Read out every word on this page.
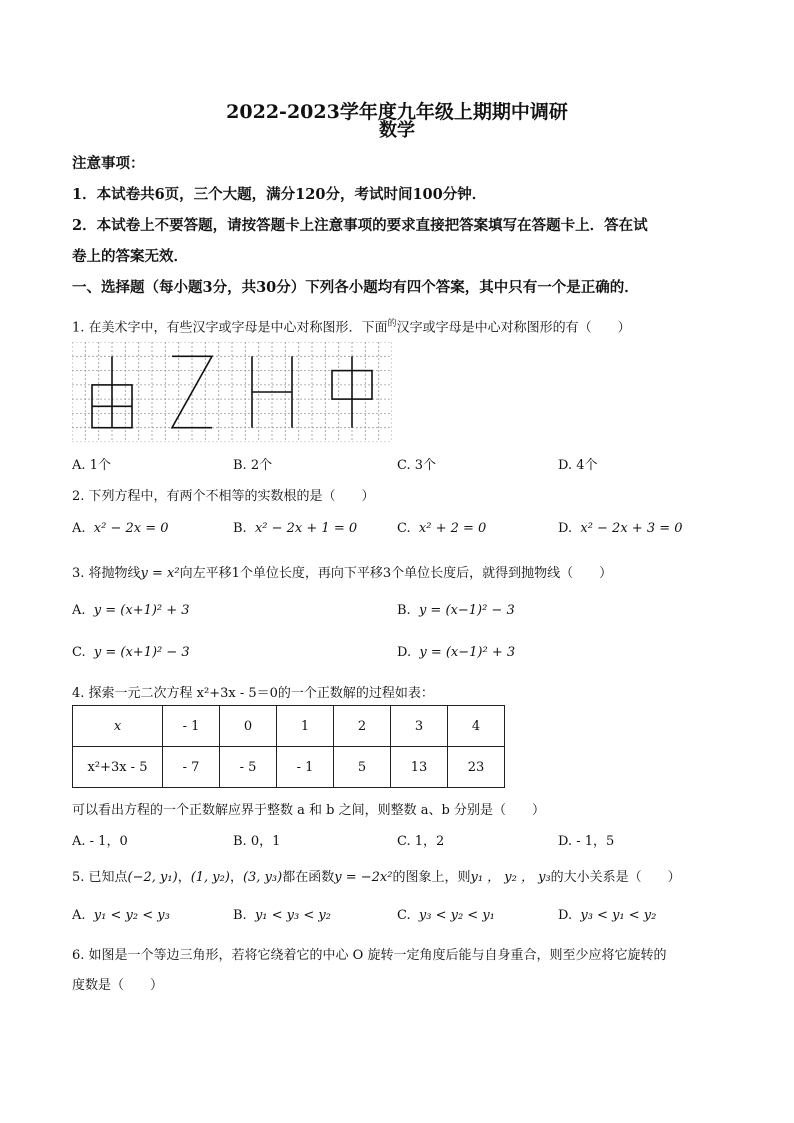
2022-2023学年度九年级上期期中调研
数学
注意事项：
1．本试卷共6页，三个大题，满分120分，考试时间100分钟．
2．本试卷上不要答题，请按答题卡上注意事项的要求直接把答案填写在答题卡上．答在试
卷上的答案无效．
一、选择题（每小题3分，共30分）下列各小题均有四个答案，其中只有一个是正确的．
1. 在美术字中，有些汉字或字母是中心对称图形．下面$^的$汉字或字母是中心对称图形的有（　　）
A. 1个	B. 2个	C. 3个	D. 4个
2. 下列方程中，有两个不相等的实数根的是（　　）
A. x² − 2x = 0	B. x² − 2x + 1 = 0	C. x² + 2 = 0	D. x² − 2x + 3 = 0
3. 将抛物线y = x²向左平移1个单位长度，再向下平移3个单位长度后，就得到抛物线（　　）
A. y = (x+1)² + 3	B. y = (x−1)² − 3
C. y = (x+1)² − 3	D. y = (x−1)² + 3
4. 探索一元二次方程 x²+3x - 5＝0的一个正数解的过程如表：
x	- 1	0	1	2	3	4
x²+3x - 5	- 7	- 5	- 1	5	13	23
可以看出方程的一个正数解应界于整数 a 和 b 之间，则整数 a、b 分别是（　　）
A. - 1，0	B. 0，1	C. 1，2	D. - 1，5
5. 已知点(−2, y₁)，(1, y₂)，(3, y₃)都在函数y = −2x²的图象上，则y₁ ， y₂ ， y₃的大小关系是（　　）
A. y₁ < y₂ < y₃	B. y₁ < y₃ < y₂	C. y₃ < y₂ < y₁	D. y₃ < y₁ < y₂
6. 如图是一个等边三角形，若将它绕着它的中心 O 旋转一定角度后能与自身重合，则至少应将它旋转的
度数是（　　）
